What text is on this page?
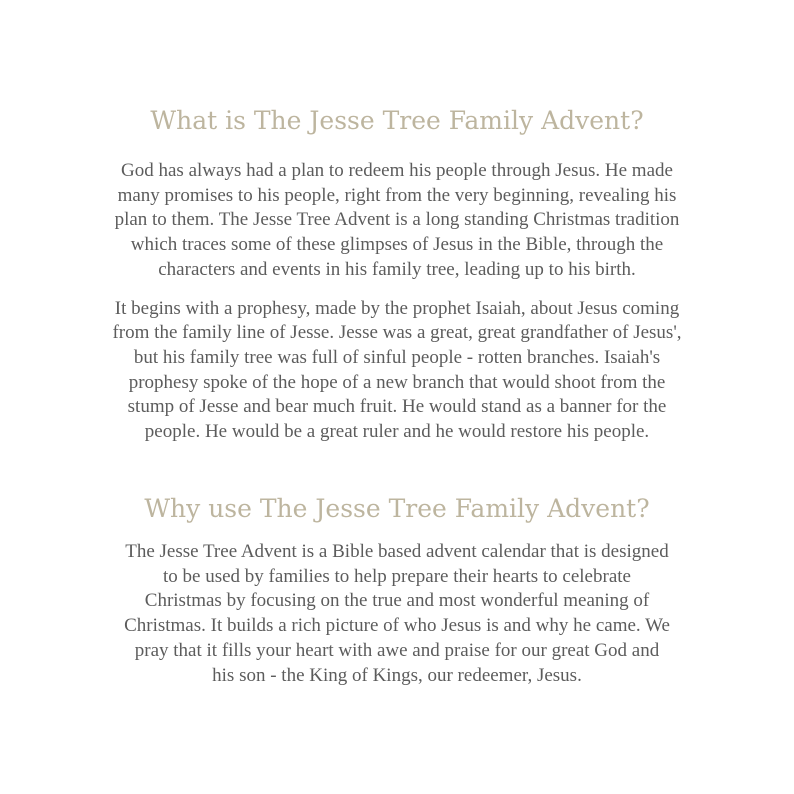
What is The Jesse Tree Family Advent?

God has always had a plan to redeem his people through Jesus. He made
many promises to his people, right from the very beginning, revealing his
plan to them. The Jesse Tree Advent is a long standing Christmas tradition
which traces some of these glimpses of Jesus in the Bible, through the
characters and events in his family tree, leading up to his birth.

It begins with a prophesy, made by the prophet Isaiah, about Jesus coming
from the family line of Jesse. Jesse was a great, great grandfather of Jesus',
but his family tree was full of sinful people - rotten branches. Isaiah's
prophesy spoke of the hope of a new branch that would shoot from the
stump of Jesse and bear much fruit. He would stand as a banner for the
people. He would be a great ruler and he would restore his people.

Why use The Jesse Tree Family Advent?

The Jesse Tree Advent is a Bible based advent calendar that is designed
to be used by families to help prepare their hearts to celebrate
Christmas by focusing on the true and most wonderful meaning of
Christmas. It builds a rich picture of who Jesus is and why he came. We
pray that it fills your heart with awe and praise for our great God and
his son - the King of Kings, our redeemer, Jesus.
